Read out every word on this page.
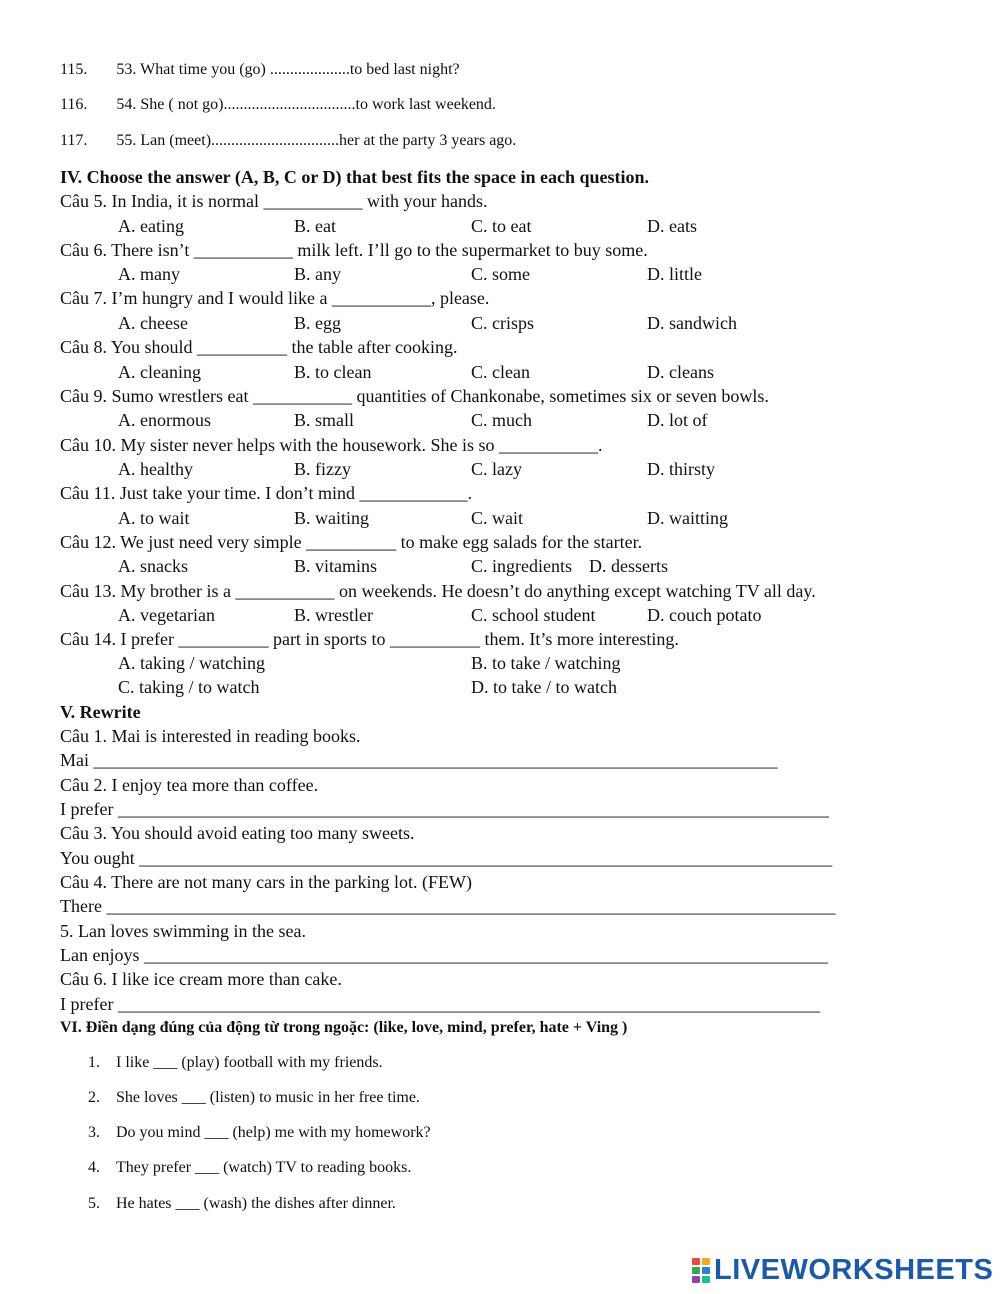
115. 53. What time you (go) ....................to bed last night?
116. 54. She ( not go).................................to work last weekend.
117. 55. Lan (meet)................................her at the party 3 years ago.
IV. Choose the answer (A, B, C or D) that best fits the space in each question.
Câu 5. In India, it is normal ___________ with your hands.
A. eating	B. eat	C. to eat	D. eats
Câu 6. There isn’t ___________ milk left. I’ll go to the supermarket to buy some.
A. many	B. any	C. some	D. little
Câu 7. I’m hungry and I would like a ___________, please.
A. cheese	B. egg	C. crisps	D. sandwich
Câu 8. You should __________ the table after cooking.
A. cleaning	B. to clean	C. clean	D. cleans
Câu 9. Sumo wrestlers eat ___________ quantities of Chankonabe, sometimes six or seven bowls.
A. enormous	B. small	C. much	D. lot of
Câu 10. My sister never helps with the housework. She is so ___________.
A. healthy	B. fizzy	C. lazy	D. thirsty
Câu 11. Just take your time. I don’t mind ____________.
A. to wait	B. waiting	C. wait	D. waitting
Câu 12. We just need very simple __________ to make egg salads for the starter.
A. snacks	B. vitamins	C. ingredients D. desserts
Câu 13. My brother is a ___________ on weekends. He doesn’t do anything except watching TV all day.
A. vegetarian	B. wrestler	C. school student	D. couch potato
Câu 14. I prefer __________ part in sports to __________ them. It’s more interesting.
A. taking / watching	B. to take / watching
C. taking / to watch	D. to take / to watch
V. Rewrite
Câu 1. Mai is interested in reading books.
Mai ____________________________________________________________________________
Câu 2. I enjoy tea more than coffee.
I prefer _______________________________________________________________________________
Câu 3. You should avoid eating too many sweets.
You ought _____________________________________________________________________________
Câu 4. There are not many cars in the parking lot. (FEW)
There _________________________________________________________________________________
5. Lan loves swimming in the sea.
Lan enjoys ____________________________________________________________________________
Câu 6. I like ice cream more than cake.
I prefer ______________________________________________________________________________
VI. Điền dạng đúng của động từ trong ngoặc: (like, love, mind, prefer, hate + Ving )
1. I like ___ (play) football with my friends.
2. She loves ___ (listen) to music in her free time.
3. Do you mind ___ (help) me with my homework?
4. They prefer ___ (watch) TV to reading books.
5. He hates ___ (wash) the dishes after dinner.
LIVEWORKSHEETS
